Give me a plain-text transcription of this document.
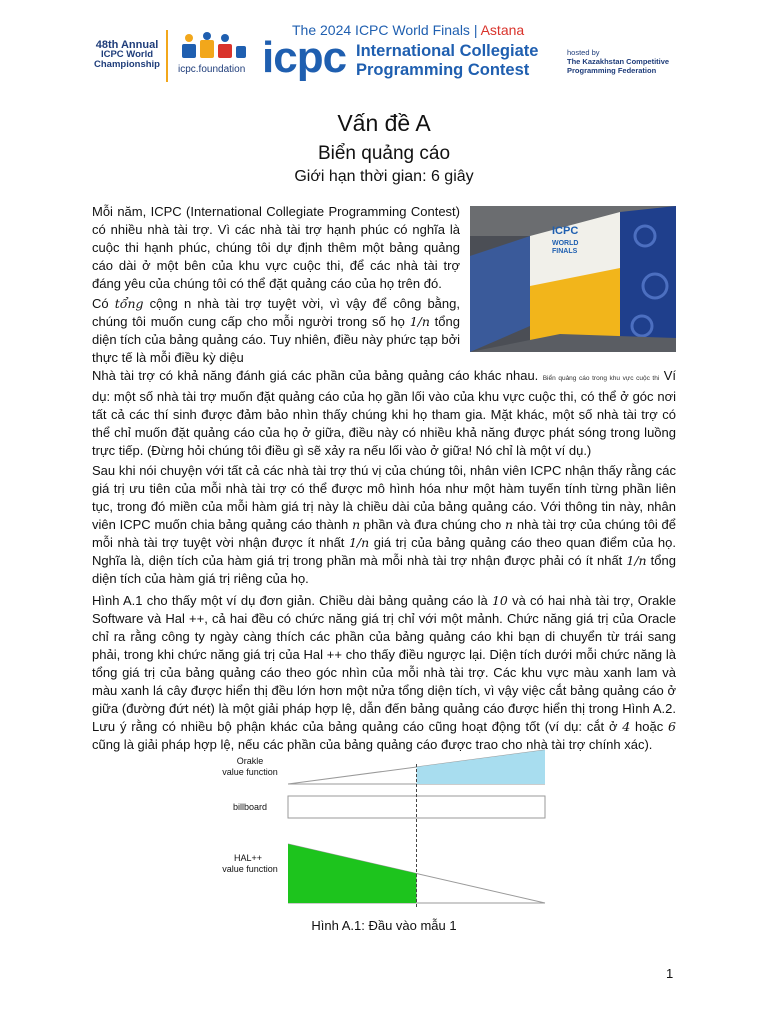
48th Annual
ICPC World
Championship	icpc.foundation
The 2024 ICPC World Finals | Astana
icpc International Collegiate
Programming Contest
hosted by
The Kazakhstan Competitive
Programming Federation
Vấn đề A
Biển quảng cáo
Giới hạn thời gian: 6 giây
Mỗi năm, ICPC (International Collegiate Programming Contest) có nhiều nhà tài trợ. Vì các nhà tài trợ hạnh phúc có nghĩa là cuộc thi hạnh phúc, chúng tôi dự định thêm một bảng quảng cáo dài ở một bên của khu vực cuộc thi, để các nhà tài trợ đáng yêu của chúng tôi có thể đặt quảng cáo của họ trên đó.
Có tổng cộng n nhà tài trợ tuyệt vời, vì vậy để công bằng, chúng tôi muốn cung cấp cho mỗi người trong số họ 1/n tổng diện tích của bảng quảng cáo. Tuy nhiên, điều này phức tạp bởi thực tế là mỗi điều kỳ diệu
ICPC
WORLD
FINALS
Nhà tài trợ có khả năng đánh giá các phần của bảng quảng cáo khác nhau. Biển quảng cáo trong khu vực cuộc thi Ví dụ: một số nhà tài trợ muốn đặt quảng cáo của họ gần lối vào của khu vực cuộc thi, có thể ở góc nơi tất cả các thí sinh được đảm bảo nhìn thấy chúng khi họ tham gia. Mặt khác, một số nhà tài trợ có thể chỉ muốn đặt quảng cáo của họ ở giữa, điều này có nhiều khả năng được phát sóng trong luồng trực tiếp. (Đừng hỏi chúng tôi điều gì sẽ xảy ra nếu lối vào ở giữa! Nó chỉ là một ví dụ.)
Sau khi nói chuyện với tất cả các nhà tài trợ thú vị của chúng tôi, nhân viên ICPC nhận thấy rằng các giá trị ưu tiên của mỗi nhà tài trợ có thể được mô hình hóa như một hàm tuyến tính từng phần liên tục, trong đó miền của mỗi hàm giá trị này là chiều dài của bảng quảng cáo. Với thông tin này, nhân viên ICPC muốn chia bảng quảng cáo thành n phần và đưa chúng cho n nhà tài trợ của chúng tôi để mỗi nhà tài trợ tuyệt vời nhận được ít nhất 1/n giá trị của bảng quảng cáo theo quan điểm của họ. Nghĩa là, diện tích của hàm giá trị trong phần mà mỗi nhà tài trợ nhận được phải có ít nhất 1/n tổng diện tích của hàm giá trị riêng của họ.
Hình A.1 cho thấy một ví dụ đơn giản. Chiều dài bảng quảng cáo là 10 và có hai nhà tài trợ, Orakle Software và Hal ++, cả hai đều có chức năng giá trị chỉ với một mảnh. Chức năng giá trị của Oracle chỉ ra rằng công ty ngày càng thích các phần của bảng quảng cáo khi bạn di chuyển từ trái sang phải, trong khi chức năng giá trị của Hal ++ cho thấy điều ngược lại. Diện tích dưới mỗi chức năng là tổng giá trị của bảng quảng cáo theo góc nhìn của mỗi nhà tài trợ. Các khu vực màu xanh lam và màu xanh lá cây được hiển thị đều lớn hơn một nửa tổng diện tích, vì vậy việc cắt bảng quảng cáo ở giữa (đường đứt nét) là một giải pháp hợp lệ, dẫn đến bảng quảng cáo được hiển thị trong Hình A.2. Lưu ý rằng có nhiều bộ phận khác của bảng quảng cáo cũng hoạt động tốt (ví dụ: cắt ở 4 hoặc 6 cũng là giải pháp hợp lệ, nếu các phần của bảng quảng cáo được trao cho nhà tài trợ chính xác).
Orakle
value function
billboard
HAL++
value function
Hình A.1: Đầu vào mẫu 1
1
